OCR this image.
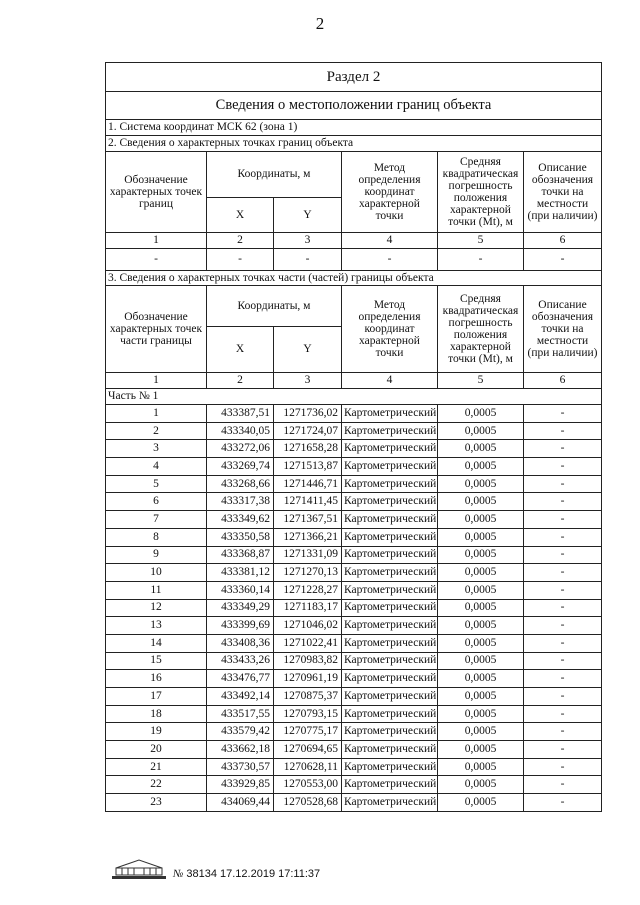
2
Раздел 2					
Сведения о местоположении границ объекта					
1. Система координат МСК 62 (зона 1)					
2. Сведения о характерных точках границ объекта					
Обозначение характерных точек границ	Координаты, м		Метод определения координат характерной точки	Средняя квадратическая погрешность положения характерной точки (Mt), м	Описание обозначения точки на местности (при наличии)
	X	Y			
1	2	3	4	5	6
-	-	-	-	-	-
3. Сведения о характерных точках части (частей) границы объекта					
Обозначение характерных точек части границы	Координаты, м		Метод определения координат характерной точки	Средняя квадратическая погрешность положения характерной точки (Mt), м	Описание обозначения точки на местности (при наличии)
	X	Y			
1	2	3	4	5	6
Часть № 1					
1	433387,51	1271736,02	Картометрический	0,0005	-
2	433340,05	1271724,07	Картометрический	0,0005	-
3	433272,06	1271658,28	Картометрический	0,0005	-
4	433269,74	1271513,87	Картометрический	0,0005	-
5	433268,66	1271446,71	Картометрический	0,0005	-
6	433317,38	1271411,45	Картометрический	0,0005	-
7	433349,62	1271367,51	Картометрический	0,0005	-
8	433350,58	1271366,21	Картометрический	0,0005	-
9	433368,87	1271331,09	Картометрический	0,0005	-
10	433381,12	1271270,13	Картометрический	0,0005	-
11	433360,14	1271228,27	Картометрический	0,0005	-
12	433349,29	1271183,17	Картометрический	0,0005	-
13	433399,69	1271046,02	Картометрический	0,0005	-
14	433408,36	1271022,41	Картометрический	0,0005	-
15	433433,26	1270983,82	Картометрический	0,0005	-
16	433476,77	1270961,19	Картометрический	0,0005	-
17	433492,14	1270875,37	Картометрический	0,0005	-
18	433517,55	1270793,15	Картометрический	0,0005	-
19	433579,42	1270775,17	Картометрический	0,0005	-
20	433662,18	1270694,65	Картометрический	0,0005	-
21	433730,57	1270628,11	Картометрический	0,0005	-
22	433929,85	1270553,00	Картометрический	0,0005	-
23	434069,44	1270528,68	Картометрический	0,0005	-
№ 38134 17.12.2019 17:11:37
